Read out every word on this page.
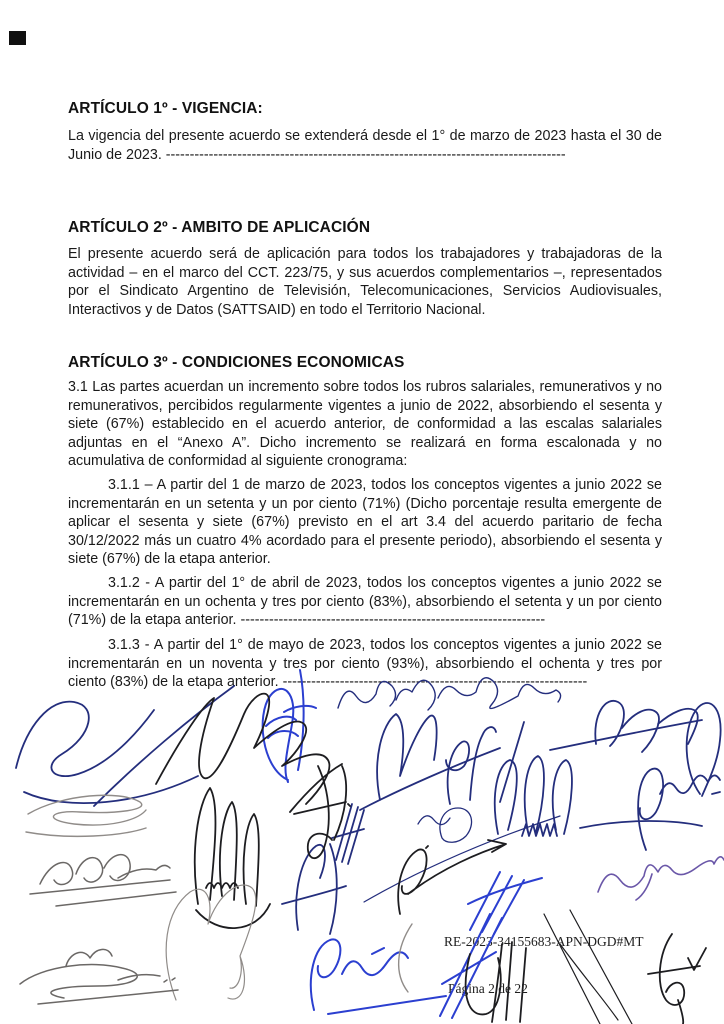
ARTÍCULO 1º - VIGENCIA:

La vigencia del presente acuerdo se extenderá desde el 1° de marzo de 2023 hasta el 30 de Junio de 2023. ------------------------------------------------------------------------------------

ARTÍCULO 2º - AMBITO DE APLICACIÓN

El presente acuerdo será de aplicación para todos los trabajadores y trabajadoras de la actividad – en el marco del CCT. 223/75, y sus acuerdos complementarios –, representados por el Sindicato Argentino de Televisión, Telecomunicaciones, Servicios Audiovisuales, Interactivos y de Datos (SATTSAID) en todo el Territorio Nacional.

ARTÍCULO 3º - CONDICIONES ECONOMICAS

3.1 Las partes acuerdan un incremento sobre todos los rubros salariales, remunerativos y no remunerativos, percibidos regularmente vigentes a junio de 2022, absorbiendo el sesenta y siete (67%) establecido en el acuerdo anterior, de conformidad a las escalas salariales adjuntas en el “Anexo A”. Dicho incremento se realizará en forma escalonada y no acumulativa de conformidad al siguiente cronograma:

3.1.1 – A partir del 1 de marzo de 2023, todos los conceptos vigentes a junio 2022 se incrementarán en un setenta y un por ciento (71%) (Dicho porcentaje resulta emergente de aplicar el sesenta y siete (67%) previsto en el art 3.4 del acuerdo paritario de fecha 30/12/2022 más un cuatro 4% acordado para el presente periodo), absorbiendo el sesenta y siete (67%) de la etapa anterior.

3.1.2 - A partir del 1° de abril de 2023, todos los conceptos vigentes a junio 2022 se incrementarán en un ochenta y tres por ciento (83%), absorbiendo el setenta y un por ciento (71%) de la etapa anterior. ----------------------------------------------------------------

3.1.3 - A partir del 1° de mayo de 2023, todos los conceptos vigentes a junio 2022 se incrementarán en un noventa y tres por ciento (93%), absorbiendo el ochenta y tres por ciento (83%) de la etapa anterior. ----------------------------------------------------------------

RE-2023-34155683-APN-DGD#MT
Página 2 de 22
